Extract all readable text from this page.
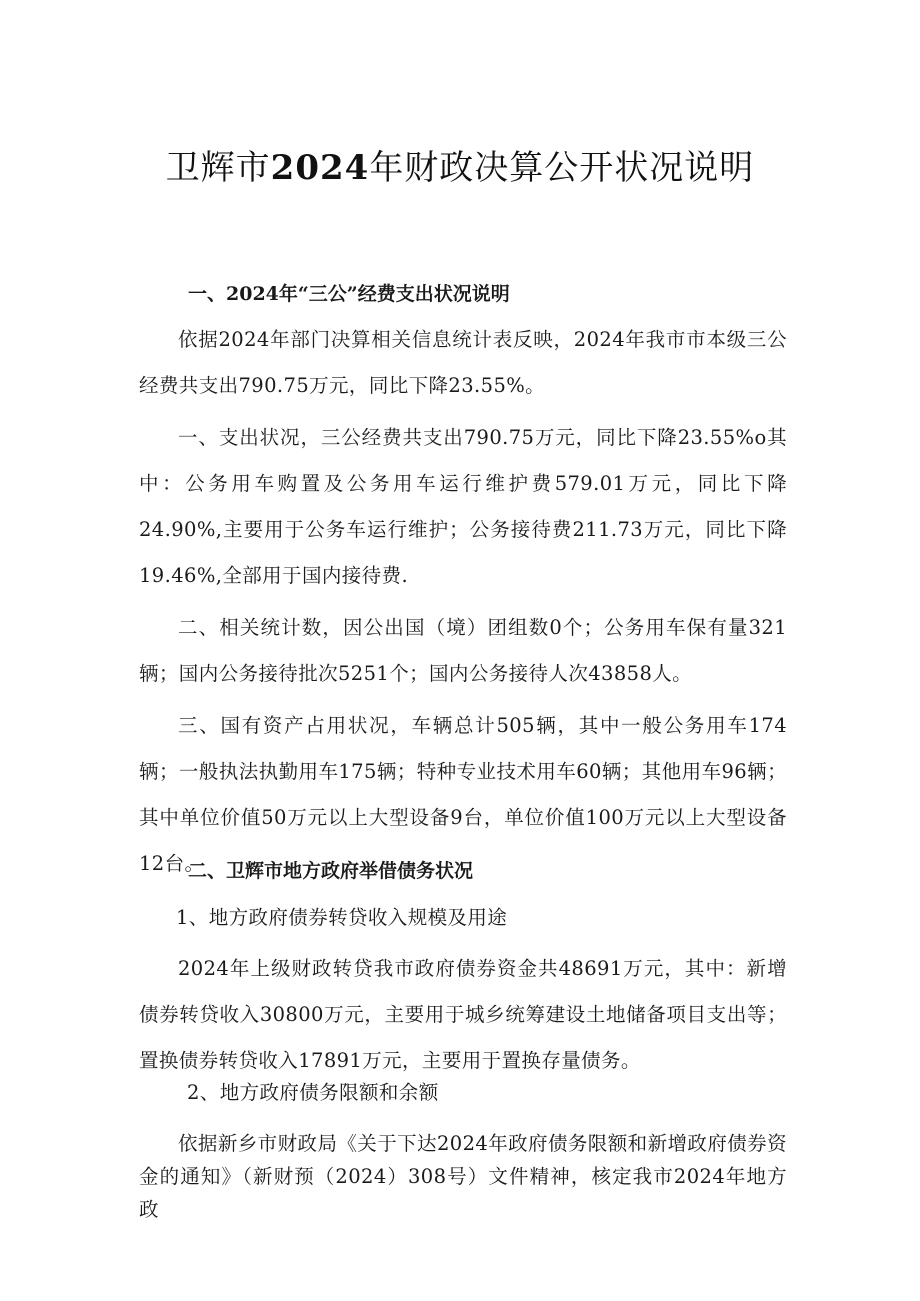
卫辉市2024年财政决算公开状况说明
一、2024年“三公”经费支出状况说明

依据2024年部门决算相关信息统计表反映，2024年我市市本级三公经费共支出790.75万元，同比下降23.55%。

一、支出状况，三公经费共支出790.75万元，同比下降23.55%o其中：公务用车购置及公务用车运行维护费579.01万元，同比下降24.90%,主要用于公务车运行维护；公务接待费211.73万元，同比下降19.46%,全部用于国内接待费.

二、相关统计数，因公出国（境）团组数0个；公务用车保有量321辆；国内公务接待批次5251个；国内公务接待人次43858人。

三、国有资产占用状况，车辆总计505辆，其中一般公务用车174辆；一般执法执勤用车175辆；特种专业技术用车60辆；其他用车96辆；其中单位价值50万元以上大型设备9台，单位价值100万元以上大型设备12台。

二、卫辉市地方政府举借债务状况
1、地方政府债券转贷收入规模及用途

2024年上级财政转贷我市政府债券资金共48691万元，其中：新增债券转贷收入30800万元，主要用于城乡统筹建设土地储备项目支出等；置换债券转贷收入17891万元，主要用于置换存量债务。

2、地方政府债务限额和余额

依据新乡市财政局《关于下达2024年政府债务限额和新增政府债券资金的通知》（新财预（2024）308号）文件精神，核定我市2024年地方政
